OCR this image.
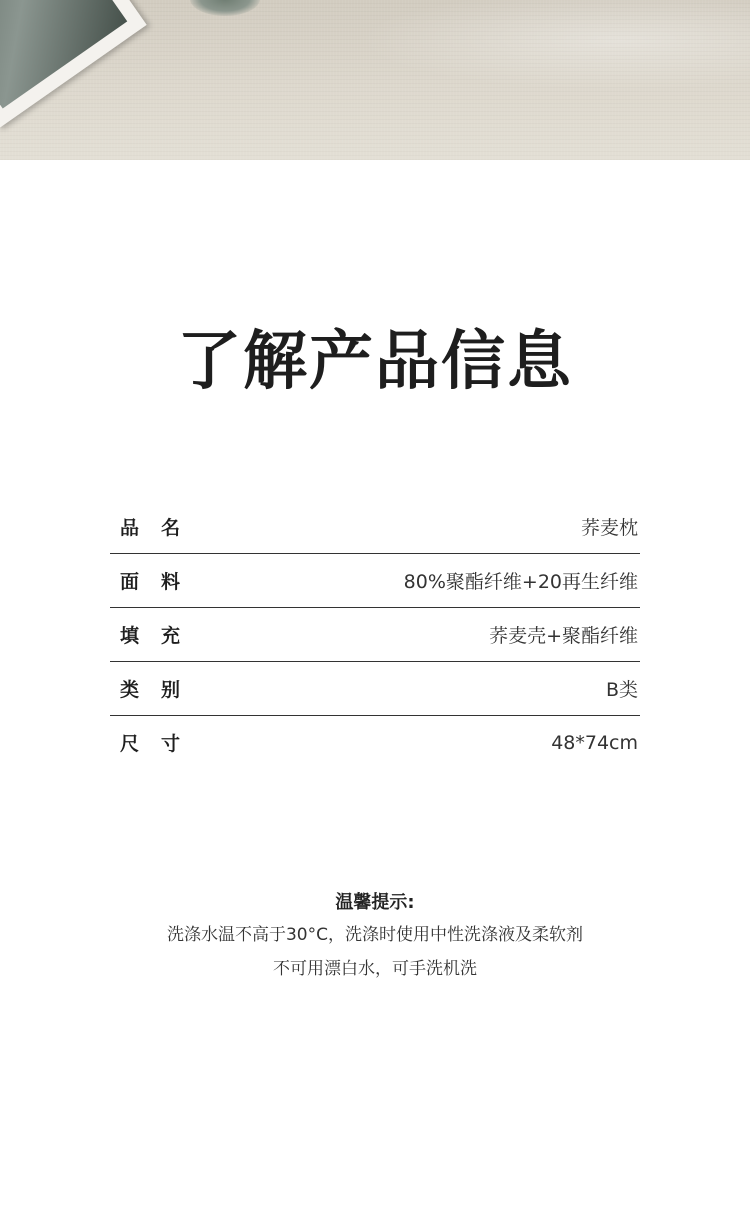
了解产品信息
品名	荞麦枕
面料	80%聚酯纤维+20再生纤维
填充	荞麦壳+聚酯纤维
类别	B类
尺寸	48*74cm
温馨提示:
洗涤水温不高于30°C，洗涤时使用中性洗涤液及柔软剂
不可用漂白水，可手洗机洗
